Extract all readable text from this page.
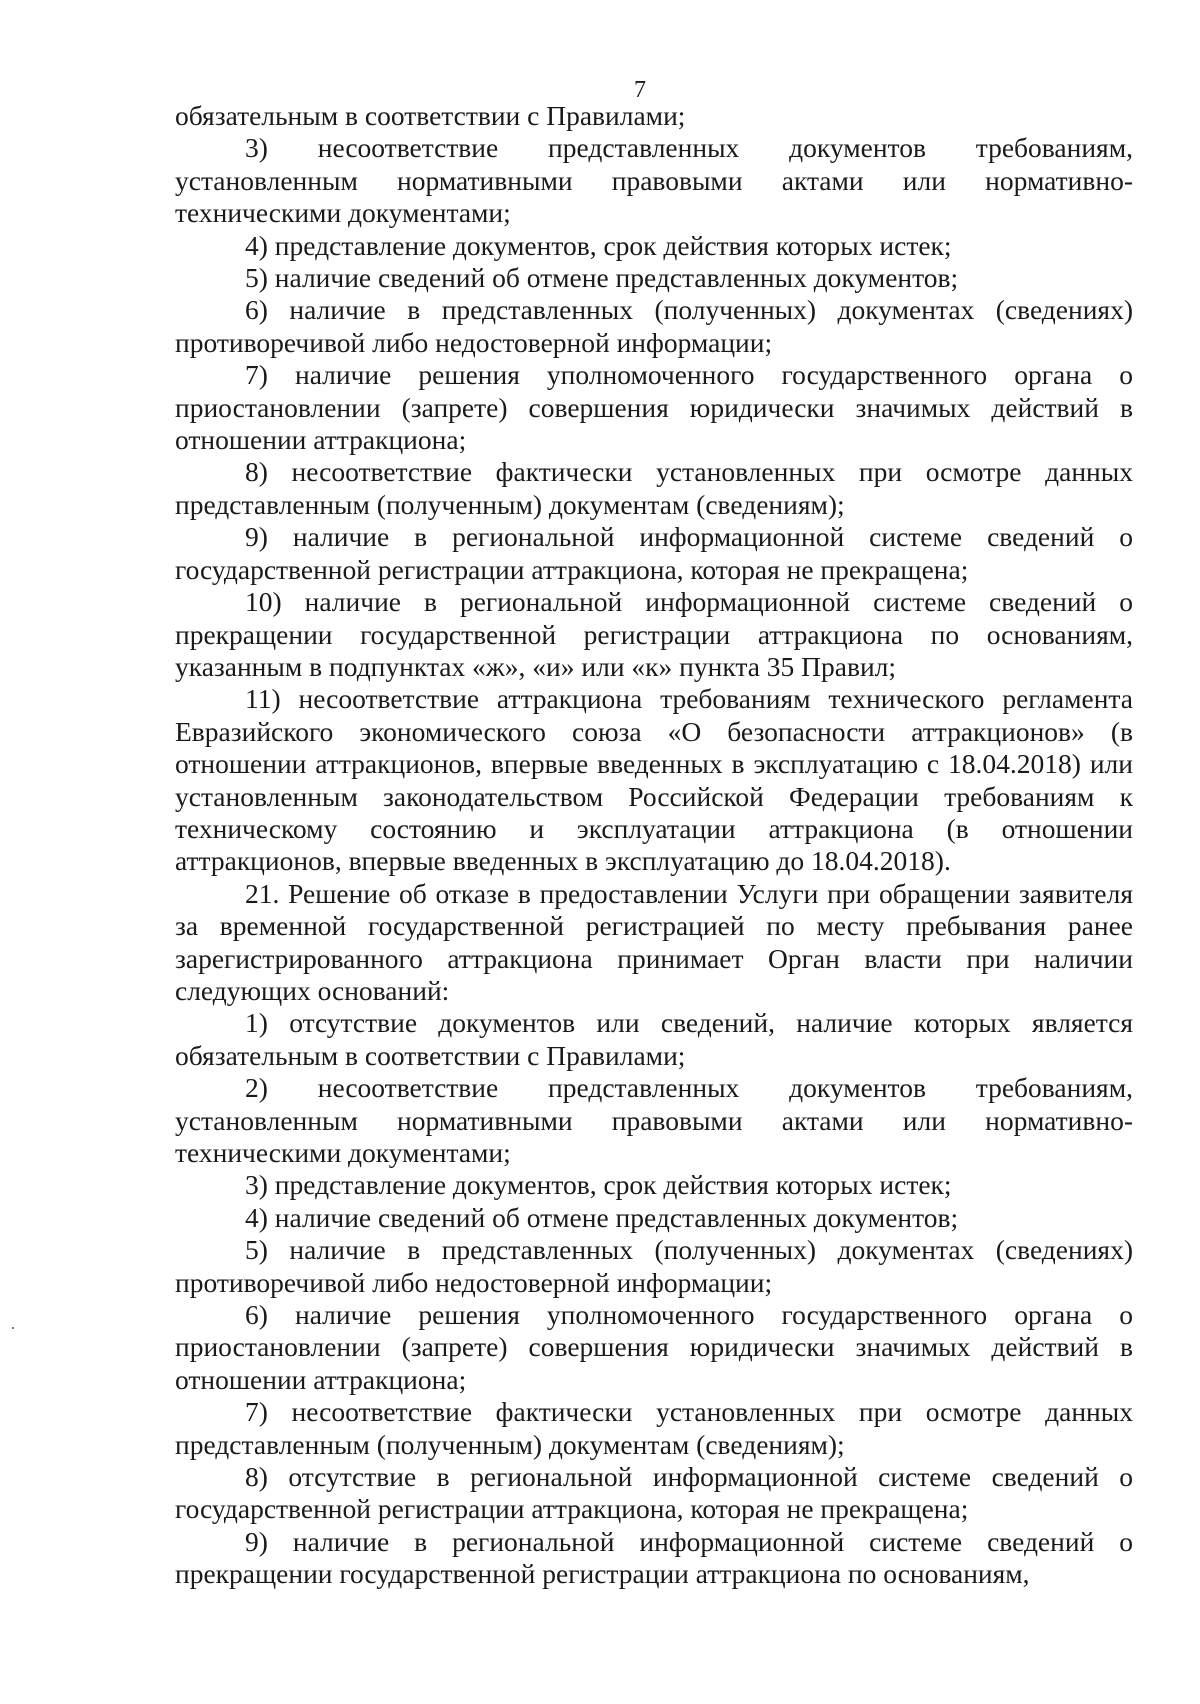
7

обязательным в соответствии с Правилами;

3) несоответствие представленных документов требованиям, установленным нормативными правовыми актами или нормативно-техническими документами;

4) представление документов, срок действия которых истек;

5) наличие сведений об отмене представленных документов;

6) наличие в представленных (полученных) документах (сведениях) противоречивой либо недостоверной информации;

7) наличие решения уполномоченного государственного органа о приостановлении (запрете) совершения юридически значимых действий в отношении аттракциона;

8) несоответствие фактически установленных при осмотре данных представленным (полученным) документам (сведениям);

9) наличие в региональной информационной системе сведений о государственной регистрации аттракциона, которая не прекращена;

10) наличие в региональной информационной системе сведений о прекращении государственной регистрации аттракциона по основаниям, указанным в подпунктах «ж», «и» или «к» пункта 35 Правил;

11) несоответствие аттракциона требованиям технического регламента Евразийского экономического союза «О безопасности аттракционов» (в отношении аттракционов, впервые введенных в эксплуатацию с 18.04.2018) или установленным законодательством Российской Федерации требованиям к техническому состоянию и эксплуатации аттракциона (в отношении аттракционов, впервые введенных в эксплуатацию до 18.04.2018).

21. Решение об отказе в предоставлении Услуги при обращении заявителя за временной государственной регистрацией по месту пребывания ранее зарегистрированного аттракциона принимает Орган власти при наличии следующих оснований:

1) отсутствие документов или сведений, наличие которых является обязательным в соответствии с Правилами;

2) несоответствие представленных документов требованиям, установленным нормативными правовыми актами или нормативно-техническими документами;

3) представление документов, срок действия которых истек;

4) наличие сведений об отмене представленных документов;

5) наличие в представленных (полученных) документах (сведениях) противоречивой либо недостоверной информации;

6) наличие решения уполномоченного государственного органа о приостановлении (запрете) совершения юридически значимых действий в отношении аттракциона;

7) несоответствие фактически установленных при осмотре данных представленным (полученным) документам (сведениям);

8) отсутствие в региональной информационной системе сведений о государственной регистрации аттракциона, которая не прекращена;

9) наличие в региональной информационной системе сведений о прекращении государственной регистрации аттракциона по основаниям,
